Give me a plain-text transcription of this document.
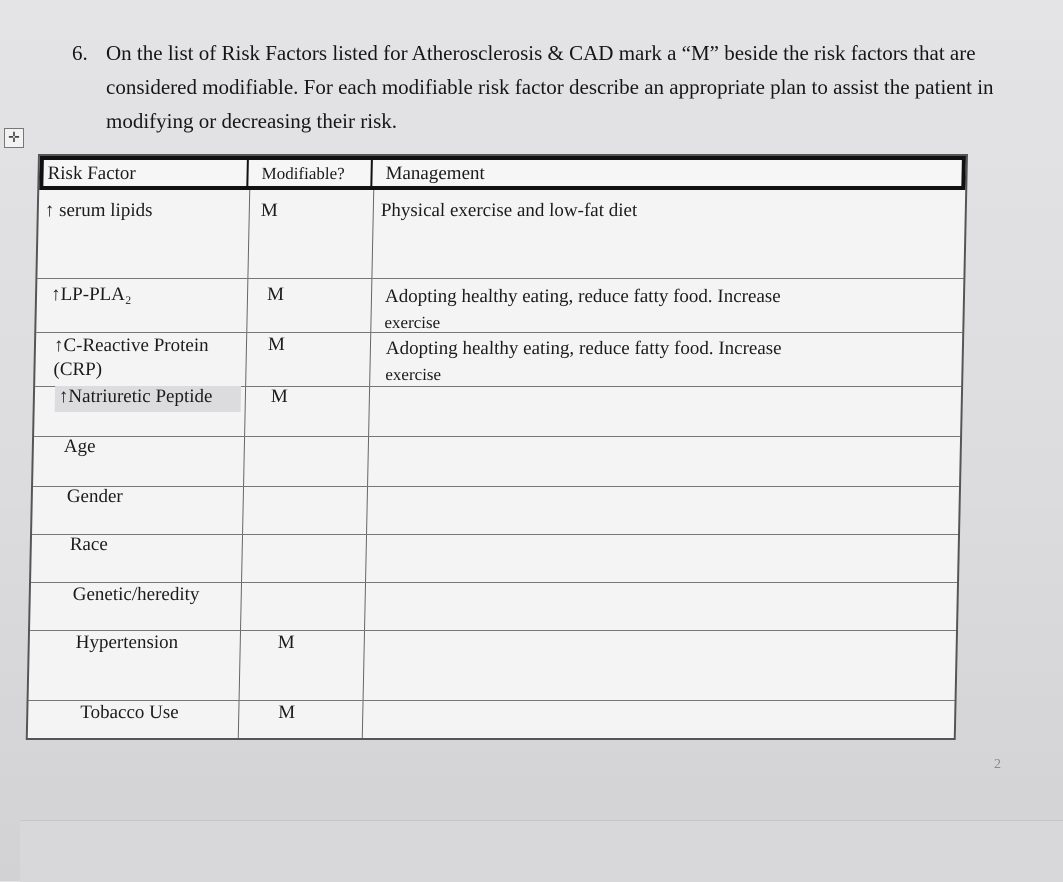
6. On the list of Risk Factors listed for Atherosclerosis & CAD mark a “M” beside the risk factors that are considered modifiable. For each modifiable risk factor describe an appropriate plan to assist the patient in modifying or decreasing their risk.
✛
Risk Factor	Modifiable? Management
↑ serum lipids	M	Physical exercise and low-fat diet
↑LP-PLA₂	M	Adopting healthy eating, reduce fatty food. Increase
exercise
↑C-Reactive Protein
(CRP)
M	Adopting healthy eating, reduce fatty food. Increase
exercise
↑Natriuretic Peptide	M
Age
Gender
Race
Genetic/heredity
Hypertension	M
Tobacco Use	M
2
